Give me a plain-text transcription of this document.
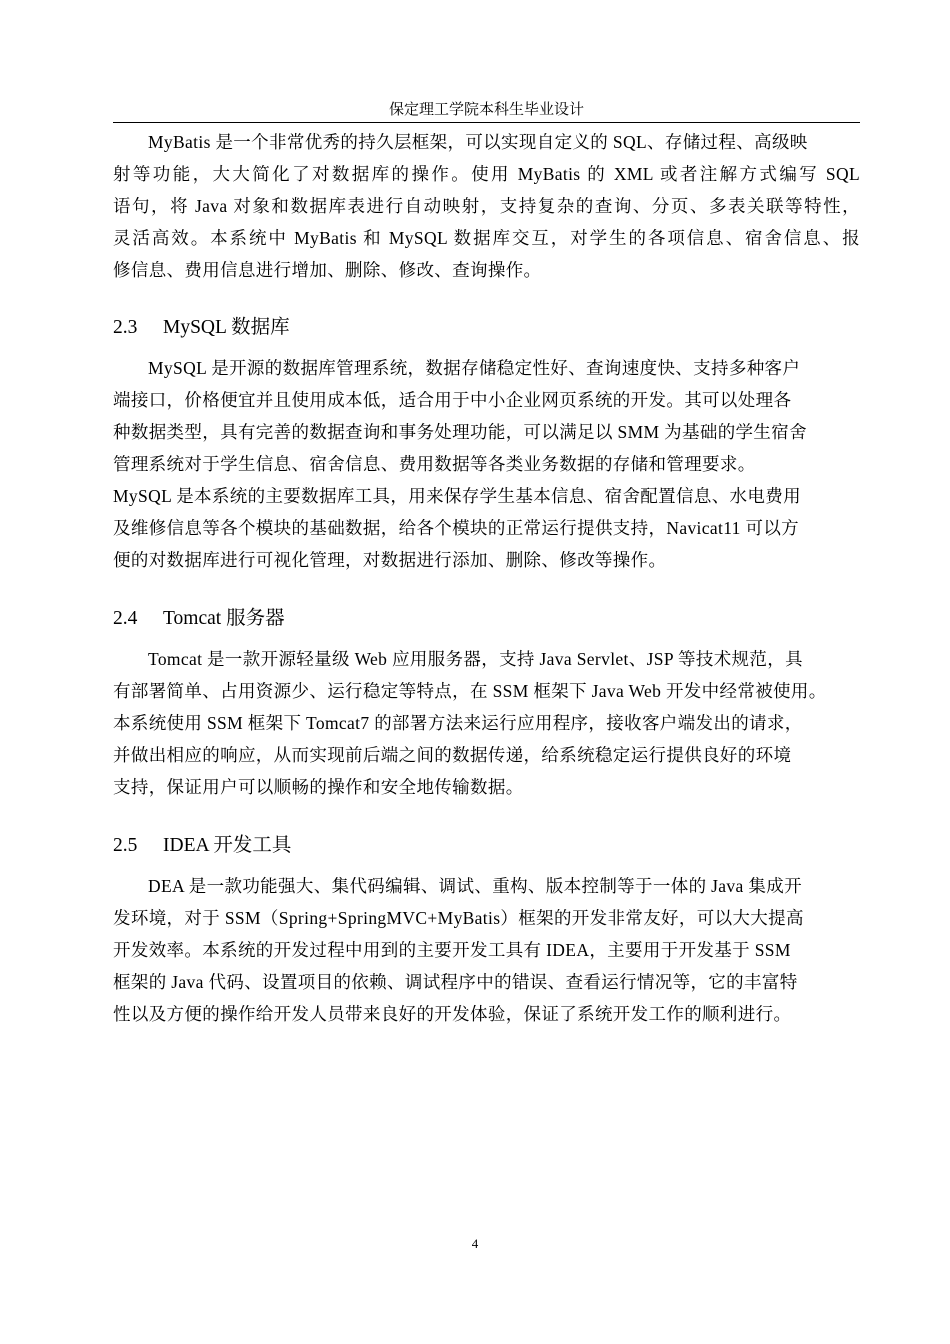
保定理工学院本科生毕业设计

MyBatis 是一个非常优秀的持久层框架，可以实现自定义的 SQL、存储过程、高级映
射等功能，大大简化了对数据库的操作。使用 MyBatis 的 XML 或者注解方式编写 SQL
语句，将 Java 对象和数据库表进行自动映射，支持复杂的查询、分页、多表关联等特性，
灵活高效。本系统中 MyBatis 和 MySQL 数据库交互，对学生的各项信息、宿舍信息、报
修信息、费用信息进行增加、删除、修改、查询操作。

2.3 MySQL 数据库

MySQL 是开源的数据库管理系统，数据存储稳定性好、查询速度快、支持多种客户
端接口，价格便宜并且使用成本低，适合用于中小企业网页系统的开发。其可以处理各
种数据类型，具有完善的数据查询和事务处理功能，可以满足以 SMM 为基础的学生宿舍
管理系统对于学生信息、宿舍信息、费用数据等各类业务数据的存储和管理要求。
MySQL 是本系统的主要数据库工具，用来保存学生基本信息、宿舍配置信息、水电费用
及维修信息等各个模块的基础数据，给各个模块的正常运行提供支持，Navicat11 可以方
便的对数据库进行可视化管理，对数据进行添加、删除、修改等操作。

2.4 Tomcat 服务器

Tomcat 是一款开源轻量级 Web 应用服务器，支持 Java Servlet、JSP 等技术规范，具
有部署简单、占用资源少、运行稳定等特点，在 SSM 框架下 Java Web 开发中经常被使用。
本系统使用 SSM 框架下 Tomcat7 的部署方法来运行应用程序，接收客户端发出的请求，
并做出相应的响应，从而实现前后端之间的数据传递，给系统稳定运行提供良好的环境
支持，保证用户可以顺畅的操作和安全地传输数据。

2.5 IDEA 开发工具

DEA 是一款功能强大、集代码编辑、调试、重构、版本控制等于一体的 Java 集成开
发环境，对于 SSM（Spring+SpringMVC+MyBatis）框架的开发非常友好，可以大大提高
开发效率。本系统的开发过程中用到的主要开发工具有 IDEA，主要用于开发基于 SSM
框架的 Java 代码、设置项目的依赖、调试程序中的错误、查看运行情况等，它的丰富特
性以及方便的操作给开发人员带来良好的开发体验，保证了系统开发工作的顺利进行。

4
